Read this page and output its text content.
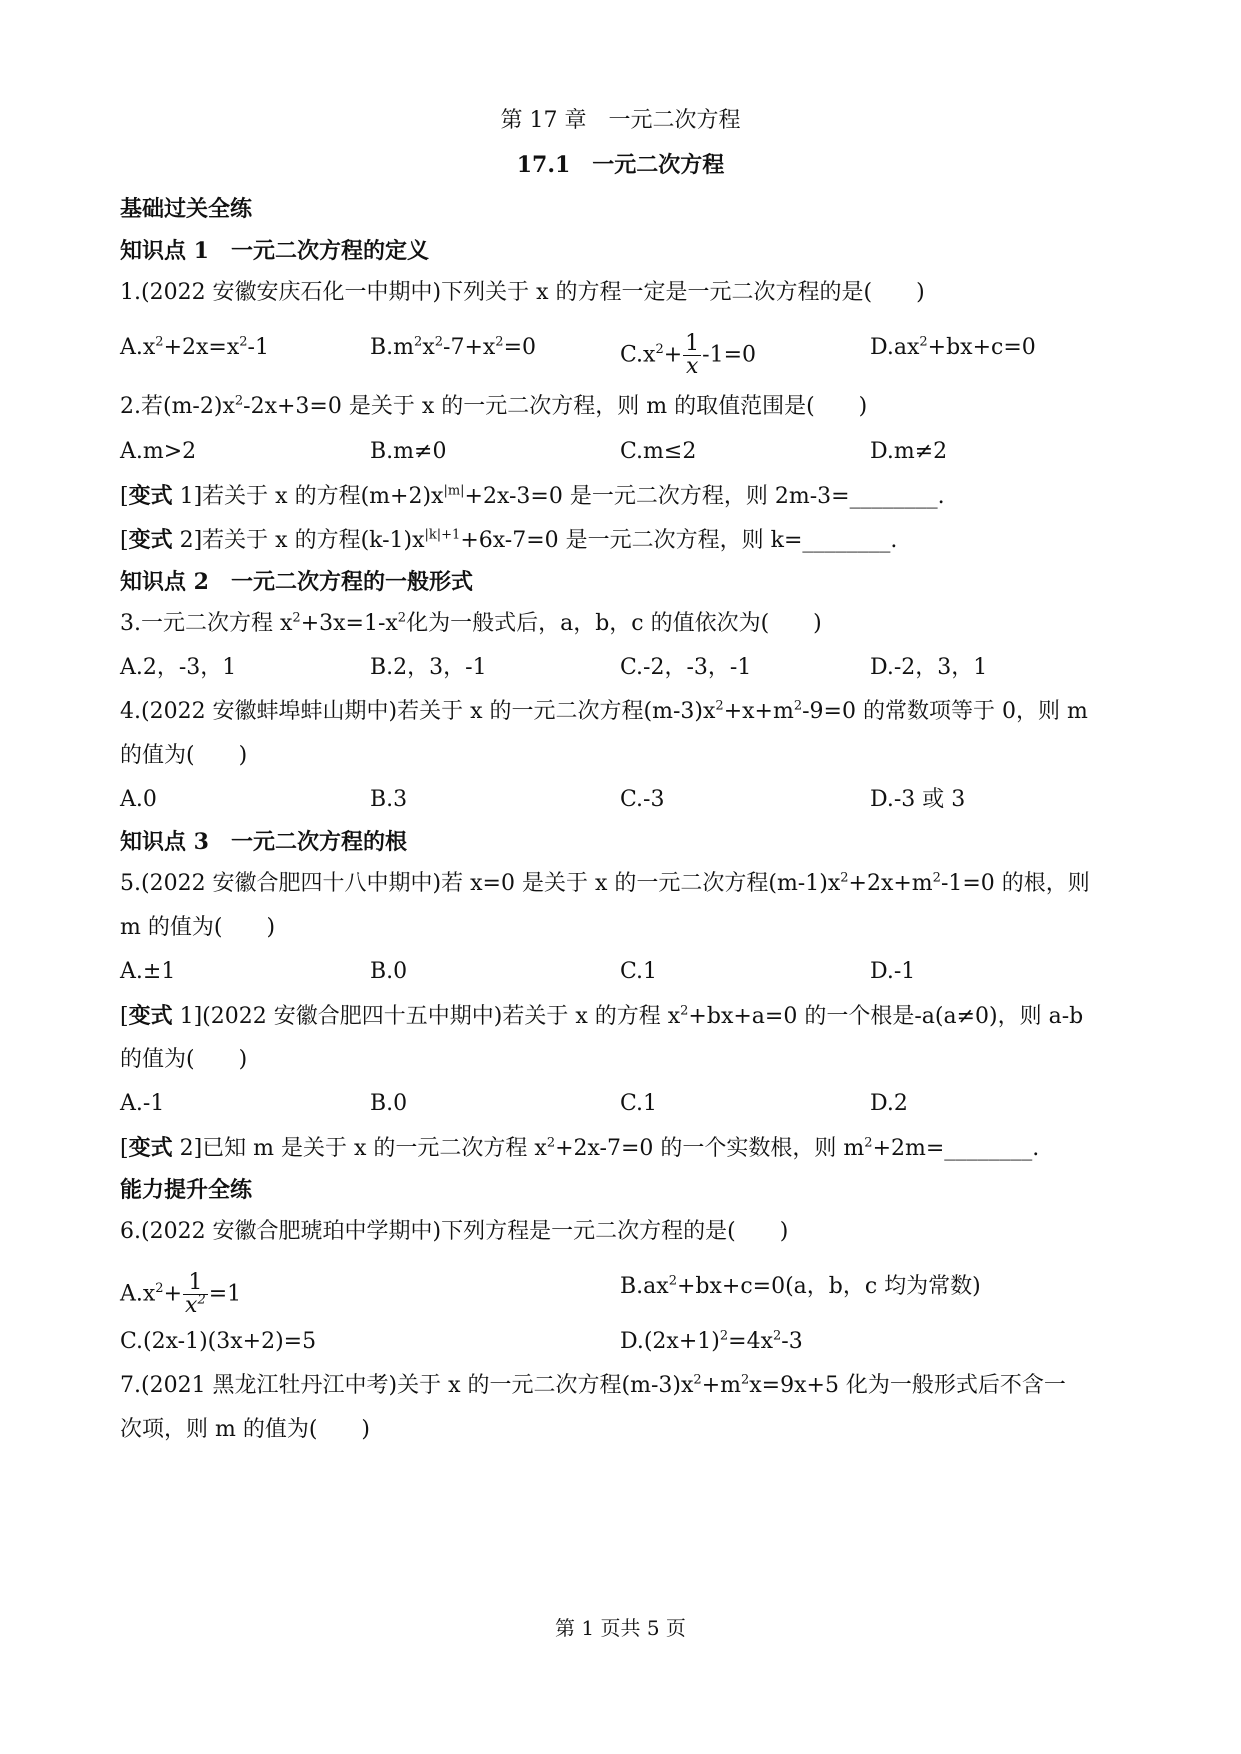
第 17 章　一元二次方程
17.1　一元二次方程
基础过关全练
知识点 1　一元二次方程的定义
1.(2022 安徽安庆石化一中期中)下列关于 x 的方程一定是一元二次方程的是(　　)
$A.x^2+2x=x^2-1$	$B.m^2x^2-7+x^2=0$	$C.x^2+ \frac{1}{x} -1=0$	$D.ax^2+bx+c=0$
2.若$(m-2)x^2-2x+3=0$ 是关于 x 的一元二次方程，则 m 的取值范围是(　　)
A.m>2	B.m≠0	C.m≤2	D.m≠2
[变式 1]若关于 x 的方程$(m+2)x^{|m|}+2x-3=0$ 是一元二次方程，则 2m-3=________.
[变式 2]若关于 x 的方程$(k-1)x^{|k|+1}+6x-7=0$ 是一元二次方程，则 k=________.
知识点 2　一元二次方程的一般形式
3.一元二次方程 $x^2+3x=1-x^2$化为一般式后，a，b，c 的值依次为(　　)
A.2，-3，1	B.2，3，-1	C.-2，-3，-1	D.-2，3，1
4.(2022 安徽蚌埠蚌山期中)若关于 x 的一元二次方程$(m-3)x^2+x+m^2-9=0$ 的常数项等于 0，则 m
的值为(　　)
A.0	B.3	C.-3	D.-3 或 3
知识点 3　一元二次方程的根
5.(2022 安徽合肥四十八中期中)若 x=0 是关于 x 的一元二次方程$(m-1)x^2+2x+m^2-1=0$ 的根，则
m 的值为(　　)
A.±1	B.0	C.1	D.-1
[变式 1](2022 安徽合肥四十五中期中)若关于 x 的方程 $x^2+bx+a=0$ 的一个根是-a(a≠0)，则 a-b
的值为(　　)
A.-1	B.0	C.1	D.2
[变式 2]已知 m 是关于 x 的一元二次方程 $x^2+2x-7=0$ 的一个实数根，则 $m^2+2m=\_\_\_\_\_\_\_\_$.
能力提升全练
6.(2022 安徽合肥琥珀中学期中)下列方程是一元二次方程的是(　　)
$A.x^2+ \frac{1}{x^2} =1$	$B.ax^2+bx+c=0(a$，b，c 均为常数)
C.(2x-1)(3x+2)=5	$D.(2x+1)^2=4x^2-3$
7.(2021 黑龙江牡丹江中考)关于 x 的一元二次方程$(m-3)x^2+m^2x=9x+5$ 化为一般形式后不含一
次项，则 m 的值为(　　)
第 1 页共 5 页
